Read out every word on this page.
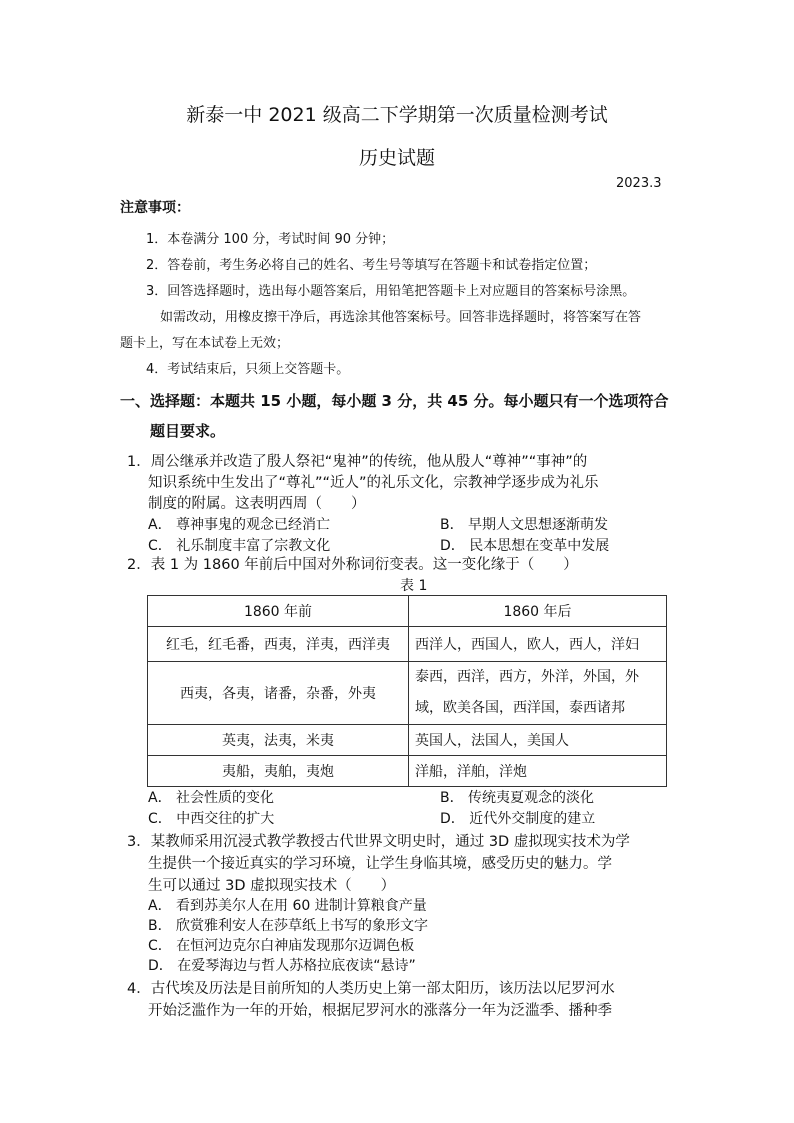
新泰一中 2021 级高二下学期第一次质量检测考试
历史试题
2023.3
注意事项：
1．本卷满分 100 分，考试时间 90 分钟；
2．答卷前，考生务必将自己的姓名、考生号等填写在答题卡和试卷指定位置；
3．回答选择题时，选出每小题答案后，用铅笔把答题卡上对应题目的答案标号涂黑。
如需改动，用橡皮擦干净后，再选涂其他答案标号。回答非选择题时，将答案写在答
题卡上，写在本试卷上无效；
4．考试结束后，只须上交答题卡。
一、选择题：本题共 15 小题，每小题 3 分，共 45 分。每小题只有一个选项符合
题目要求。
1．周公继承并改造了殷人祭祀“鬼神”的传统，他从殷人“尊神”“事神”的
知识系统中生发出了“尊礼”“近人”的礼乐文化，宗教神学逐步成为礼乐
制度的附属。这表明西周（　　）
A． 尊神事鬼的观念已经消亡	B． 早期人文思想逐渐萌发
C． 礼乐制度丰富了宗教文化	D． 民本思想在变革中发展
2．表 1 为 1860 年前后中国对外称词衍变表。这一变化缘于（　　）
表 1
1860 年前	1860 年后
红毛，红毛番，西夷，洋夷，西洋夷	西洋人，西国人，欧人，西人，洋妇
西夷，各夷，诸番，杂番，外夷	泰西，西洋，西方，外洋，外国，外
域，欧美各国，西洋国，泰西诸邦
英夷，法夷，米夷	英国人，法国人，美国人
夷船，夷舶，夷炮	洋船，洋舶，洋炮
A． 社会性质的变化	B． 传统夷夏观念的淡化
C． 中西交往的扩大	D． 近代外交制度的建立
3．某教师采用沉浸式教学教授古代世界文明史时，通过 3D 虚拟现实技术为学
生提供一个接近真实的学习环境，让学生身临其境，感受历史的魅力。学
生可以通过 3D 虚拟现实技术（　　）
A． 看到苏美尔人在用 60 进制计算粮食产量
B． 欣赏雅利安人在莎草纸上书写的象形文字
C． 在恒河边克尔白神庙发现那尔迈调色板
D． 在爱琴海边与哲人苏格拉底夜读“悬诗”
4．古代埃及历法是目前所知的人类历史上第一部太阳历，该历法以尼罗河水
开始泛滥作为一年的开始，根据尼罗河水的涨落分一年为泛滥季、播种季
